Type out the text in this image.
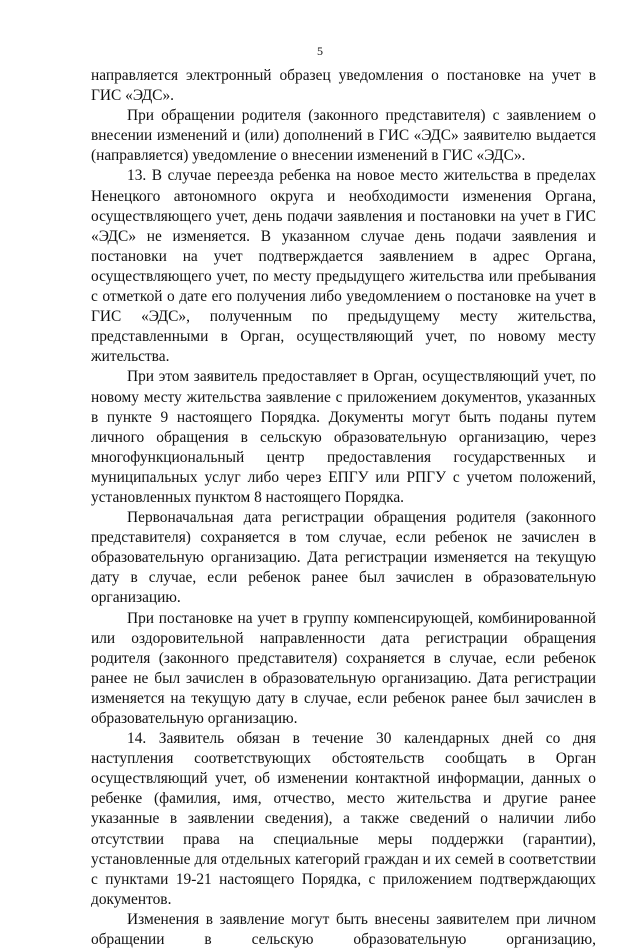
5

направляется электронный образец уведомления о постановке на учет в ГИС «ЭДС».

При обращении родителя (законного представителя) с заявлением о внесении изменений и (или) дополнений в ГИС «ЭДС» заявителю выдается (направляется) уведомление о внесении изменений в ГИС «ЭДС».

13. В случае переезда ребенка на новое место жительства в пределах Ненецкого автономного округа и необходимости изменения Органа, осуществляющего учет, день подачи заявления и постановки на учет в ГИС «ЭДС» не изменяется. В указанном случае день подачи заявления и постановки на учет подтверждается заявлением в адрес Органа, осуществляющего учет, по месту предыдущего жительства или пребывания с отметкой о дате его получения либо уведомлением о постановке на учет в ГИС «ЭДС», полученным по предыдущему месту жительства, представленными в Орган, осуществляющий учет, по новому месту жительства.

При этом заявитель предоставляет в Орган, осуществляющий учет, по новому месту жительства заявление с приложением документов, указанных в пункте 9 настоящего Порядка. Документы могут быть поданы путем личного обращения в сельскую образовательную организацию, через многофункциональный центр предоставления государственных и муниципальных услуг либо через ЕПГУ или РПГУ с учетом положений, установленных пунктом 8 настоящего Порядка.

Первоначальная дата регистрации обращения родителя (законного представителя) сохраняется в том случае, если ребенок не зачислен в образовательную организацию. Дата регистрации изменяется на текущую дату в случае, если ребенок ранее был зачислен в образовательную организацию.

При постановке на учет в группу компенсирующей, комбинированной или оздоровительной направленности дата регистрации обращения родителя (законного представителя) сохраняется в случае, если ребенок ранее не был зачислен в образовательную организацию. Дата регистрации изменяется на текущую дату в случае, если ребенок ранее был зачислен в образовательную организацию.

14. Заявитель обязан в течение 30 календарных дней со дня наступления соответствующих обстоятельств сообщать в Орган осуществляющий учет, об изменении контактной информации, данных о ребенке (фамилия, имя, отчество, место жительства и другие ранее указанные в заявлении сведения), а также сведений о наличии либо отсутствии права на специальные меры поддержки (гарантии), установленные для отдельных категорий граждан и их семей в соответствии с пунктами 19-21 настоящего Порядка, с приложением подтверждающих документов.

Изменения в заявление могут быть внесены заявителем при личном обращении в сельскую образовательную организацию,
